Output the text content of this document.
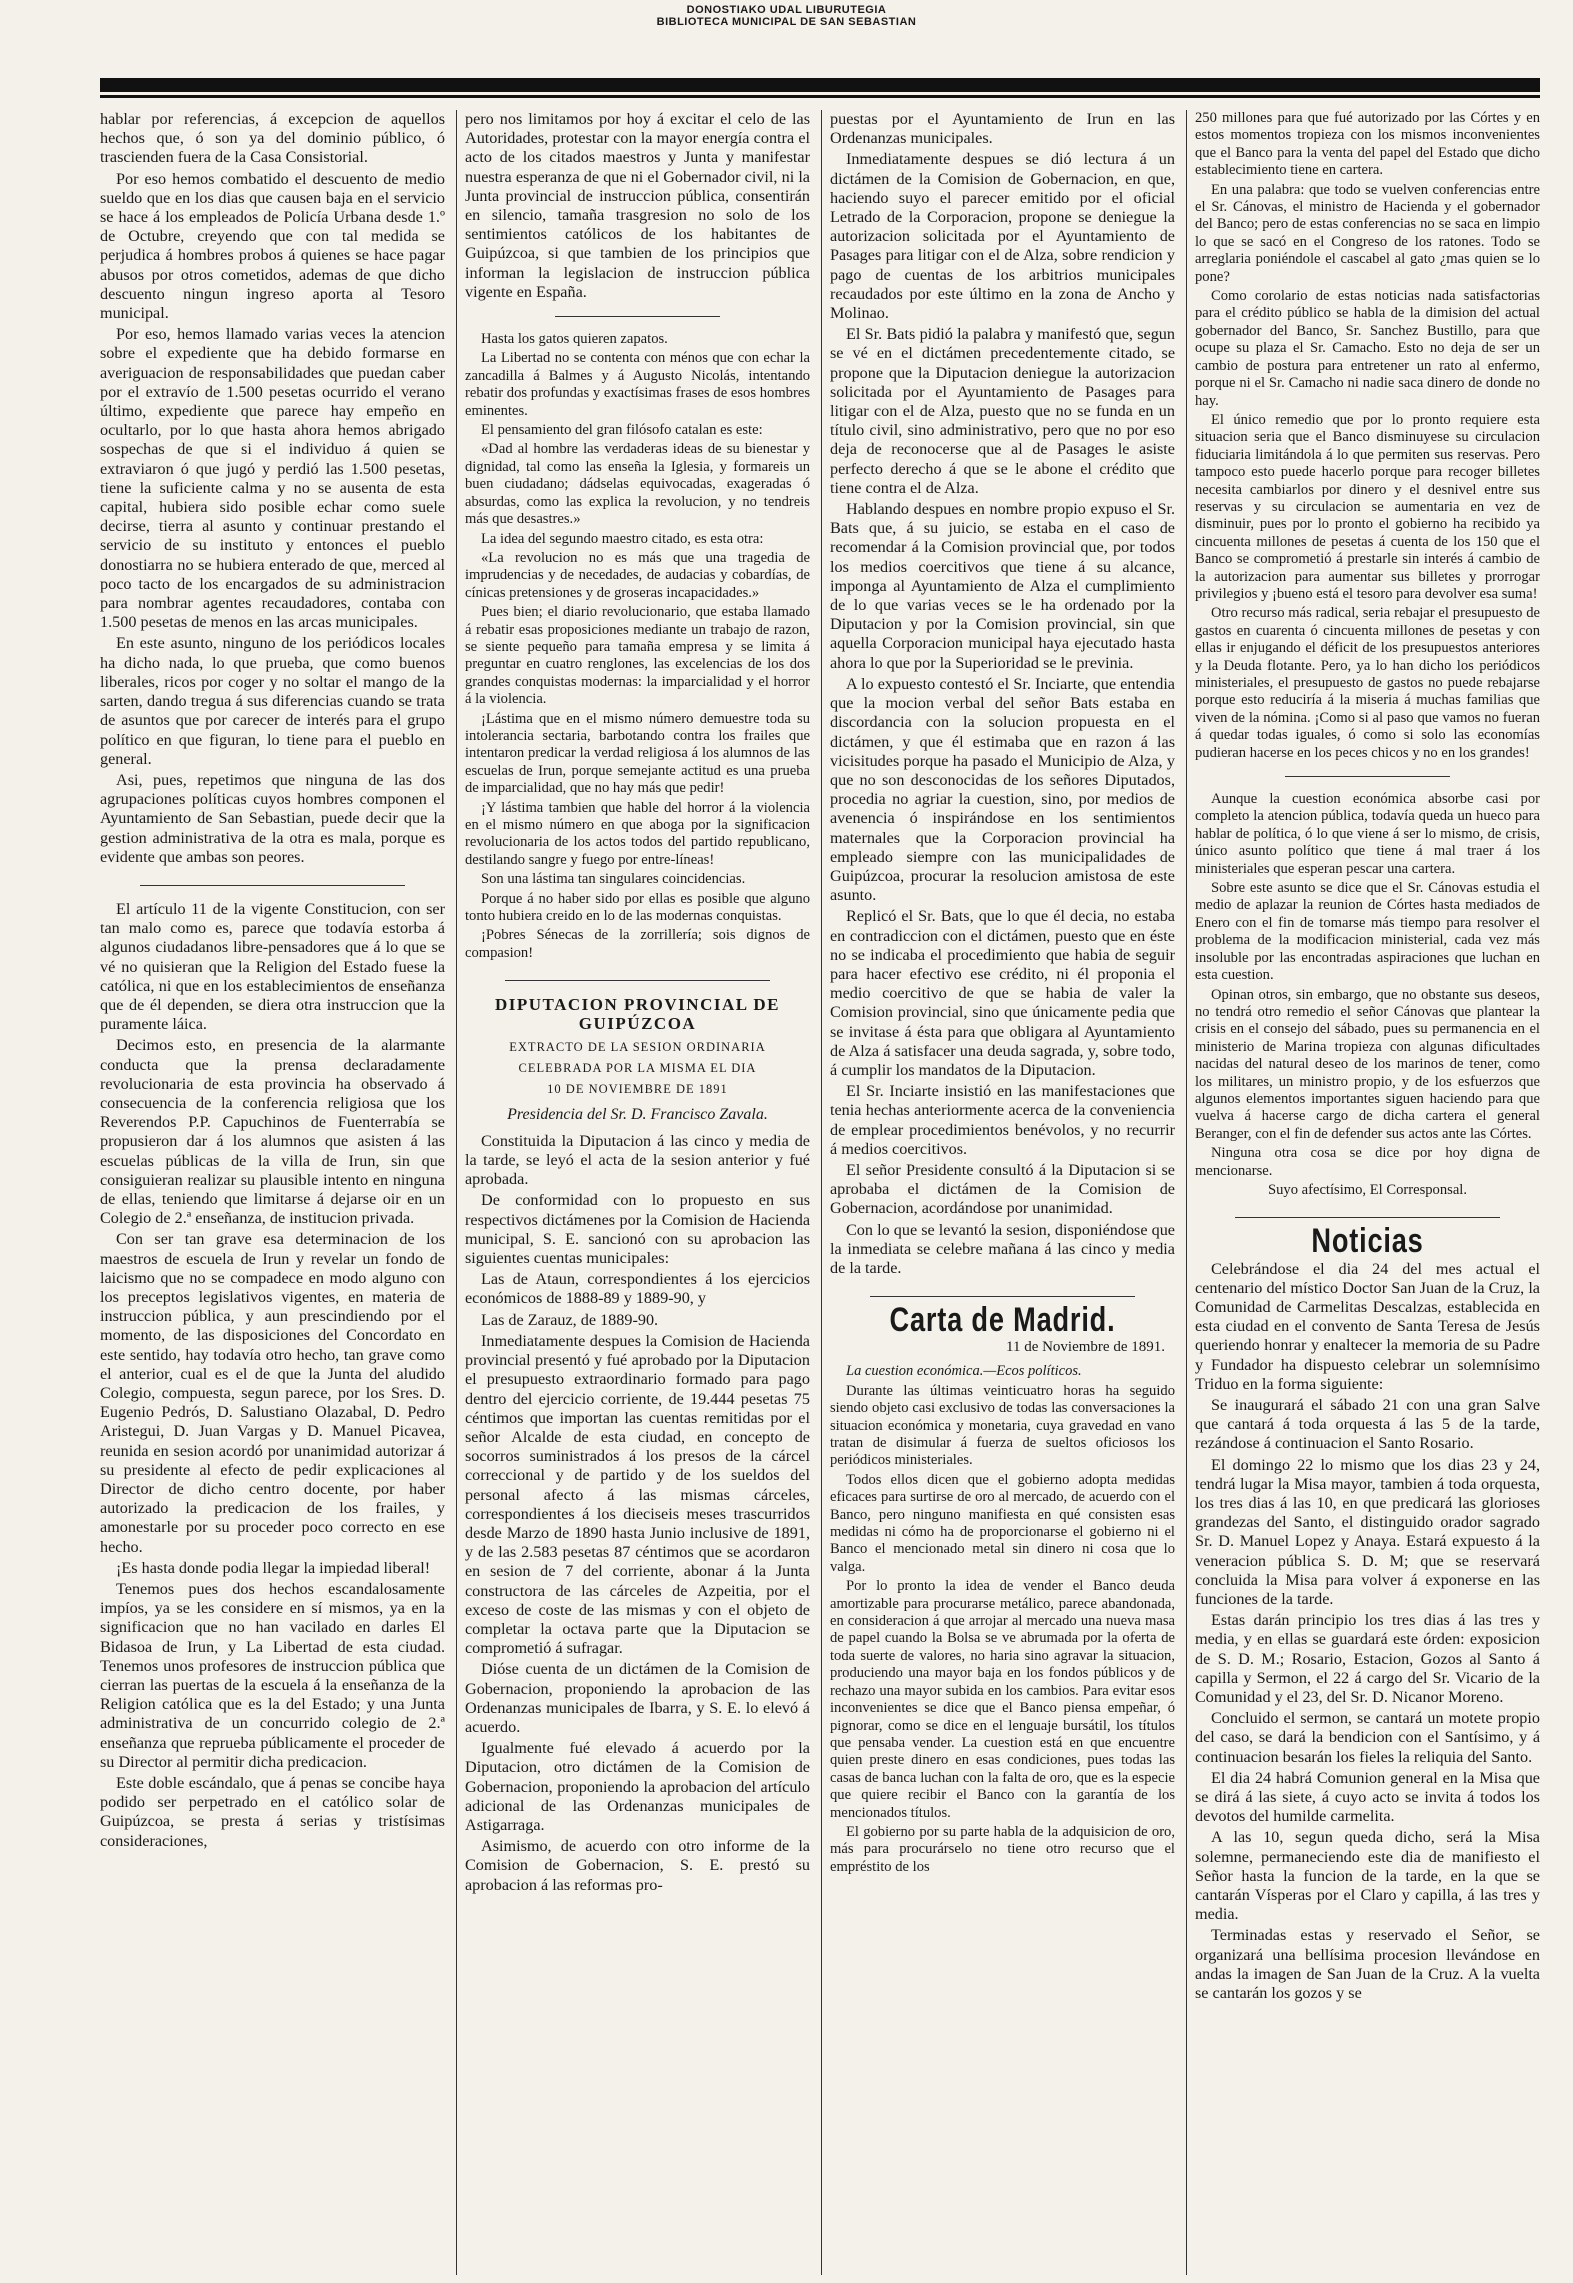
DONOSTIAKO UDAL LIBURUTEGIA
BIBLIOTECA MUNICIPAL DE SAN SEBASTIAN

hablar por referencias, á excepcion de aquellos hechos que, ó son ya del dominio público, ó trascienden fuera de la Casa Consistorial.

Por eso hemos combatido el descuento de medio sueldo que en los dias que causen baja en el servicio se hace á los empleados de Policía Urbana desde 1.º de Octubre, creyendo que con tal medida se perjudica á hombres probos á quienes se hace pagar abusos por otros cometidos, ademas de que dicho descuento ningun ingreso aporta al Tesoro municipal.

Por eso, hemos llamado varias veces la atencion sobre el expediente que ha debido formarse en averiguacion de responsabilidades que puedan caber por el extravío de 1.500 pesetas ocurrido el verano último, expediente que parece hay empeño en ocultarlo, por lo que hasta ahora hemos abrigado sospechas de que si el individuo á quien se extraviaron ó que jugó y perdió las 1.500 pesetas, tiene la suficiente calma y no se ausenta de esta capital, hubiera sido posible echar como suele decirse, tierra al asunto y continuar prestando el servicio de su instituto y entonces el pueblo donostiarra no se hubiera enterado de que, merced al poco tacto de los encargados de su administracion para nombrar agentes recaudadores, contaba con 1.500 pesetas de menos en las arcas municipales.

En este asunto, ninguno de los periódicos locales ha dicho nada, lo que prueba, que como buenos liberales, ricos por coger y no soltar el mango de la sarten, dando tregua á sus diferencias cuando se trata de asuntos que por carecer de interés para el grupo político en que figuran, lo tiene para el pueblo en general.

Asi, pues, repetimos que ninguna de las dos agrupaciones políticas cuyos hombres componen el Ayuntamiento de San Sebastian, puede decir que la gestion administrativa de la otra es mala, porque es evidente que ambas son peores.

El artículo 11 de la vigente Constitucion, con ser tan malo como es, parece que todavía estorba á algunos ciudadanos libre-pensadores que á lo que se vé no quisieran que la Religion del Estado fuese la católica, ni que en los establecimientos de enseñanza que de él dependen, se diera otra instruccion que la puramente láica.

Decimos esto, en presencia de la alarmante conducta que la prensa declaradamente revolucionaria de esta provincia ha observado á consecuencia de la conferencia religiosa que los Reverendos P.P. Capuchinos de Fuenterrabía se propusieron dar á los alumnos que asisten á las escuelas públicas de la villa de Irun, sin que consiguieran realizar su plausible intento en ninguna de ellas, teniendo que limitarse á dejarse oir en un Colegio de 2.ª enseñanza, de institucion privada.

Con ser tan grave esa determinacion de los maestros de escuela de Irun y revelar un fondo de laicismo que no se compadece en modo alguno con los preceptos legislativos vigentes, en materia de instruccion pública, y aun prescindiendo por el momento, de las disposiciones del Concordato en este sentido, hay todavía otro hecho, tan grave como el anterior, cual es el de que la Junta del aludido Colegio, compuesta, segun parece, por los Sres. D. Eugenio Pedrós, D. Salustiano Olazabal, D. Pedro Aristegui, D. Juan Vargas y D. Manuel Picavea, reunida en sesion acordó por unanimidad autorizar á su presidente al efecto de pedir explicaciones al Director de dicho centro docente, por haber autorizado la predicacion de los frailes, y amonestarle por su proceder poco correcto en ese hecho.

¡Es hasta donde podia llegar la impiedad liberal!

Tenemos pues dos hechos escandalosamente impíos, ya se les considere en sí mismos, ya en la significacion que no han vacilado en darles El Bidasoa de Irun, y La Libertad de esta ciudad. Tenemos unos profesores de instruccion pública que cierran las puertas de la escuela á la enseñanza de la Religion católica que es la del Estado; y una Junta administrativa de un concurrido colegio de 2.ª enseñanza que reprueba públicamente el proceder de su Director al permitir dicha predicacion.

Este doble escándalo, que á penas se concibe haya podido ser perpetrado en el católico solar de Guipúzcoa, se presta á serias y tristísimas consideraciones,

pero nos limitamos por hoy á excitar el celo de las Autoridades, protestar con la mayor energía contra el acto de los citados maestros y Junta y manifestar nuestra esperanza de que ni el Gobernador civil, ni la Junta provincial de instruccion pública, consentirán en silencio, tamaña trasgresion no solo de los sentimientos católicos de los habitantes de Guipúzcoa, si que tambien de los principios que informan la legislacion de instruccion pública vigente en España.

Hasta los gatos quieren zapatos.

La Libertad no se contenta con ménos que con echar la zancadilla á Balmes y á Augusto Nicolás, intentando rebatir dos profundas y exactísimas frases de esos hombres eminentes.

El pensamiento del gran filósofo catalan es este:

«Dad al hombre las verdaderas ideas de su bienestar y dignidad, tal como las enseña la Iglesia, y formareis un buen ciudadano; dádselas equivocadas, exageradas ó absurdas, como las explica la revolucion, y no tendreis más que desastres.»

La idea del segundo maestro citado, es esta otra:

«La revolucion no es más que una tragedia de imprudencias y de necedades, de audacias y cobardías, de cínicas pretensiones y de groseras incapacidades.»

Pues bien; el diario revolucionario, que estaba llamado á rebatir esas proposiciones mediante un trabajo de razon, se siente pequeño para tamaña empresa y se limita á preguntar en cuatro renglones, las excelencias de los dos grandes conquistas modernas: la imparcialidad y el horror á la violencia.

¡Lástima que en el mismo número demuestre toda su intolerancia sectaria, barbotando contra los frailes que intentaron predicar la verdad religiosa á los alumnos de las escuelas de Irun, porque semejante actitud es una prueba de imparcialidad, que no hay más que pedir!

¡Y lástima tambien que hable del horror á la violencia en el mismo número en que aboga por la significacion revolucionaria de los actos todos del partido republicano, destilando sangre y fuego por entre-líneas!

Son una lástima tan singulares coincidencias.

Porque á no haber sido por ellas es posible que alguno tonto hubiera creido en lo de las modernas conquistas.

¡Pobres Sénecas de la zorrillería; sois dignos de compasion!

DIPUTACION PROVINCIAL DE GUIPÚZCOA
EXTRACTO DE LA SESION ORDINARIA
CELEBRADA POR LA MISMA EL DIA
10 DE NOVIEMBRE DE 1891
Presidencia del Sr. D. Francisco Zavala.

Constituida la Diputacion á las cinco y media de la tarde, se leyó el acta de la sesion anterior y fué aprobada.

De conformidad con lo propuesto en sus respectivos dictámenes por la Comision de Hacienda municipal, S. E. sancionó con su aprobacion las siguientes cuentas municipales:

Las de Ataun, correspondientes á los ejercicios económicos de 1888-89 y 1889-90, y

Las de Zarauz, de 1889-90.

Inmediatamente despues la Comision de Hacienda provincial presentó y fué aprobado por la Diputacion el presupuesto extraordinario formado para pago dentro del ejercicio corriente, de 19.444 pesetas 75 céntimos que importan las cuentas remitidas por el señor Alcalde de esta ciudad, en concepto de socorros suministrados á los presos de la cárcel correccional y de partido y de los sueldos del personal afecto á las mismas cárceles, correspondientes á los dieciseis meses trascurridos desde Marzo de 1890 hasta Junio inclusive de 1891, y de las 2.583 pesetas 87 céntimos que se acordaron en sesion de 7 del corriente, abonar á la Junta constructora de las cárceles de Azpeitia, por el exceso de coste de las mismas y con el objeto de completar la octava parte que la Diputacion se comprometió á sufragar.

Dióse cuenta de un dictámen de la Comision de Gobernacion, proponiendo la aprobacion de las Ordenanzas municipales de Ibarra, y S. E. lo elevó á acuerdo.

Igualmente fué elevado á acuerdo por la Diputacion, otro dictámen de la Comision de Gobernacion, proponiendo la aprobacion del artículo adicional de las Ordenanzas municipales de Astigarraga.

Asimismo, de acuerdo con otro informe de la Comision de Gobernacion, S. E. prestó su aprobacion á las reformas pro-

puestas por el Ayuntamiento de Irun en las Ordenanzas municipales.

Inmediatamente despues se dió lectura á un dictámen de la Comision de Gobernacion, en que, haciendo suyo el parecer emitido por el oficial Letrado de la Corporacion, propone se deniegue la autorizacion solicitada por el Ayuntamiento de Pasages para litigar con el de Alza, sobre rendicion y pago de cuentas de los arbitrios municipales recaudados por este último en la zona de Ancho y Molinao.

El Sr. Bats pidió la palabra y manifestó que, segun se vé en el dictámen precedentemente citado, se propone que la Diputacion deniegue la autorizacion solicitada por el Ayuntamiento de Pasages para litigar con el de Alza, puesto que no se funda en un título civil, sino administrativo, pero que no por eso deja de reconocerse que al de Pasages le asiste perfecto derecho á que se le abone el crédito que tiene contra el de Alza.

Hablando despues en nombre propio expuso el Sr. Bats que, á su juicio, se estaba en el caso de recomendar á la Comision provincial que, por todos los medios coercitivos que tiene á su alcance, imponga al Ayuntamiento de Alza el cumplimiento de lo que varias veces se le ha ordenado por la Diputacion y por la Comision provincial, sin que aquella Corporacion municipal haya ejecutado hasta ahora lo que por la Superioridad se le previnia.

A lo expuesto contestó el Sr. Inciarte, que entendia que la mocion verbal del señor Bats estaba en discordancia con la solucion propuesta en el dictámen, y que él estimaba que en razon á las vicisitudes porque ha pasado el Municipio de Alza, y que no son desconocidas de los señores Diputados, procedia no agriar la cuestion, sino, por medios de avenencia ó inspirándose en los sentimientos maternales que la Corporacion provincial ha empleado siempre con las municipalidades de Guipúzcoa, procurar la resolucion amistosa de este asunto.

Replicó el Sr. Bats, que lo que él decia, no estaba en contradiccion con el dictámen, puesto que en éste no se indicaba el procedimiento que habia de seguir para hacer efectivo ese crédito, ni él proponia el medio coercitivo de que se habia de valer la Comision provincial, sino que únicamente pedia que se invitase á ésta para que obligara al Ayuntamiento de Alza á satisfacer una deuda sagrada, y, sobre todo, á cumplir los mandatos de la Diputacion.

El Sr. Inciarte insistió en las manifestaciones que tenia hechas anteriormente acerca de la conveniencia de emplear procedimientos benévolos, y no recurrir á medios coercitivos.

El señor Presidente consultó á la Diputacion si se aprobaba el dictámen de la Comision de Gobernacion, acordándose por unanimidad.

Con lo que se levantó la sesion, disponiéndose que la inmediata se celebre mañana á las cinco y media de la tarde.

Carta de Madrid.
11 de Noviembre de 1891.

La cuestion económica.—Ecos políticos.

Durante las últimas veinticuatro horas ha seguido siendo objeto casi exclusivo de todas las conversaciones la situacion económica y monetaria, cuya gravedad en vano tratan de disimular á fuerza de sueltos oficiosos los periódicos ministeriales.

Todos ellos dicen que el gobierno adopta medidas eficaces para surtirse de oro al mercado, de acuerdo con el Banco, pero ninguno manifiesta en qué consisten esas medidas ni cómo ha de proporcionarse el gobierno ni el Banco el mencionado metal sin dinero ni cosa que lo valga.

Por lo pronto la idea de vender el Banco deuda amortizable para procurarse metálico, parece abandonada, en consideracion á que arrojar al mercado una nueva masa de papel cuando la Bolsa se ve abrumada por la oferta de toda suerte de valores, no haria sino agravar la situacion, produciendo una mayor baja en los fondos públicos y de rechazo una mayor subida en los cambios. Para evitar esos inconvenientes se dice que el Banco piensa empeñar, ó pignorar, como se dice en el lenguaje bursátil, los títulos que pensaba vender. La cuestion está en que encuentre quien preste dinero en esas condiciones, pues todas las casas de banca luchan con la falta de oro, que es la especie que quiere recibir el Banco con la garantía de los mencionados títulos.

El gobierno por su parte habla de la adquisicion de oro, más para procurárselo no tiene otro recurso que el empréstito de los

250 millones para que fué autorizado por las Córtes y en estos momentos tropieza con los mismos inconvenientes que el Banco para la venta del papel del Estado que dicho establecimiento tiene en cartera.

En una palabra: que todo se vuelven conferencias entre el Sr. Cánovas, el ministro de Hacienda y el gobernador del Banco; pero de estas conferencias no se saca en limpio lo que se sacó en el Congreso de los ratones. Todo se arreglaria poniéndole el cascabel al gato ¿mas quien se lo pone?

Como corolario de estas noticias nada satisfactorias para el crédito público se habla de la dimision del actual gobernador del Banco, Sr. Sanchez Bustillo, para que ocupe su plaza el Sr. Camacho. Esto no deja de ser un cambio de postura para entretener un rato al enfermo, porque ni el Sr. Camacho ni nadie saca dinero de donde no hay.

El único remedio que por lo pronto requiere esta situacion seria que el Banco disminuyese su circulacion fiduciaria limitándola á lo que permiten sus reservas. Pero tampoco esto puede hacerlo porque para recoger billetes necesita cambiarlos por dinero y el desnivel entre sus reservas y su circulacion se aumentaria en vez de disminuir, pues por lo pronto el gobierno ha recibido ya cincuenta millones de pesetas á cuenta de los 150 que el Banco se comprometió á prestarle sin interés á cambio de la autorizacion para aumentar sus billetes y prorrogar privilegios y ¡bueno está el tesoro para devolver esa suma!

Otro recurso más radical, seria rebajar el presupuesto de gastos en cuarenta ó cincuenta millones de pesetas y con ellas ir enjugando el déficit de los presupuestos anteriores y la Deuda flotante. Pero, ya lo han dicho los periódicos ministeriales, el presupuesto de gastos no puede rebajarse porque esto reduciría á la miseria á muchas familias que viven de la nómina. ¡Como si al paso que vamos no fueran á quedar todas iguales, ó como si solo las economías pudieran hacerse en los peces chicos y no en los grandes!

Aunque la cuestion económica absorbe casi por completo la atencion pública, todavía queda un hueco para hablar de política, ó lo que viene á ser lo mismo, de crisis, único asunto político que tiene á mal traer á los ministeriales que esperan pescar una cartera.

Sobre este asunto se dice que el Sr. Cánovas estudia el medio de aplazar la reunion de Córtes hasta mediados de Enero con el fin de tomarse más tiempo para resolver el problema de la modificacion ministerial, cada vez más insoluble por las encontradas aspiraciones que luchan en esta cuestion.

Opinan otros, sin embargo, que no obstante sus deseos, no tendrá otro remedio el señor Cánovas que plantear la crisis en el consejo del sábado, pues su permanencia en el ministerio de Marina tropieza con algunas dificultades nacidas del natural deseo de los marinos de tener, como los militares, un ministro propio, y de los esfuerzos que algunos elementos importantes siguen haciendo para que vuelva á hacerse cargo de dicha cartera el general Beranger, con el fin de defender sus actos ante las Córtes.

Ninguna otra cosa se dice por hoy digna de mencionarse.

Suyo afectísimo, El Corresponsal.

Noticias

Celebrándose el dia 24 del mes actual el centenario del místico Doctor San Juan de la Cruz, la Comunidad de Carmelitas Descalzas, establecida en esta ciudad en el convento de Santa Teresa de Jesús queriendo honrar y enaltecer la memoria de su Padre y Fundador ha dispuesto celebrar un solemnísimo Triduo en la forma siguiente:

Se inaugurará el sábado 21 con una gran Salve que cantará á toda orquesta á las 5 de la tarde, rezándose á continuacion el Santo Rosario.

El domingo 22 lo mismo que los dias 23 y 24, tendrá lugar la Misa mayor, tambien á toda orquesta, los tres dias á las 10, en que predicará las glorioses grandezas del Santo, el distinguido orador sagrado Sr. D. Manuel Lopez y Anaya. Estará expuesto á la veneracion pública S. D. M; que se reservará concluida la Misa para volver á exponerse en las funciones de la tarde.

Estas darán principio los tres dias á las tres y media, y en ellas se guardará este órden: exposicion de S. D. M.; Rosario, Estacion, Gozos al Santo á capilla y Sermon, el 22 á cargo del Sr. Vicario de la Comunidad y el 23, del Sr. D. Nicanor Moreno.

Concluido el sermon, se cantará un motete propio del caso, se dará la bendicion con el Santísimo, y á continuacion besarán los fieles la reliquia del Santo.

El dia 24 habrá Comunion general en la Misa que se dirá á las siete, á cuyo acto se invita á todos los devotos del humilde carmelita.

A las 10, segun queda dicho, será la Misa solemne, permaneciendo este dia de manifiesto el Señor hasta la funcion de la tarde, en la que se cantarán Vísperas por el Claro y capilla, á las tres y media.

Terminadas estas y reservado el Señor, se organizará una bellísima procesion llevándose en andas la imagen de San Juan de la Cruz. A la vuelta se cantarán los gozos y se
